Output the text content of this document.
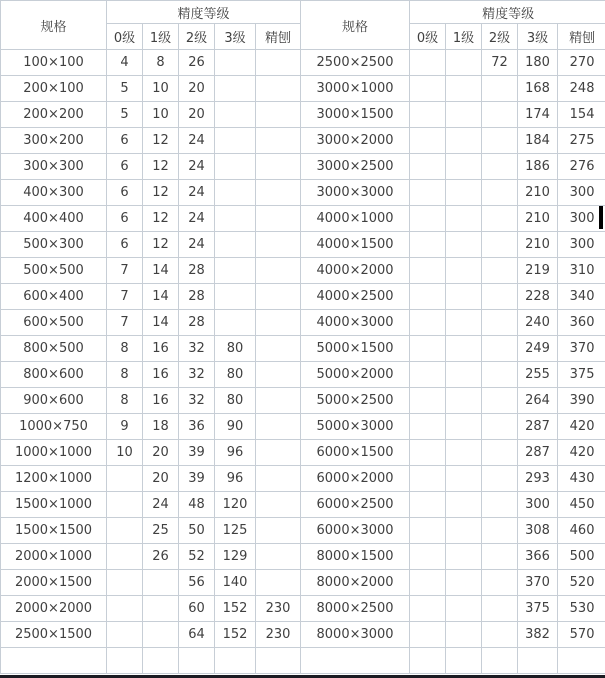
规格	精度等级				
	0级	1级	2级	3级	精刨
100×100	4	8	26		
200×100	5	10	20		
200×200	5	10	20		
300×200	6	12	24		
300×300	6	12	24		
400×300	6	12	24		
400×400	6	12	24		
500×300	6	12	24		
500×500	7	14	28		
600×400	7	14	28		
600×500	7	14	28		
800×500	8	16	32	80	
800×600	8	16	32	80	
900×600	8	16	32	80	
1000×750	9	18	36	90	
1000×1000	10	20	39	96	
1200×1000		20	39	96	
1500×1000		24	48	120	
1500×1500		25	50	125	
2000×1000		26	52	129	
2000×1500			56	140	
2000×2000			60	152	230
2500×1500			64	152	230

规格	精度等级				
	0级	1级	2级	3级	精刨
2500×2500			72	180	270
3000×1000				168	248
3000×1500				174	154
3000×2000				184	275
3000×2500				186	276
3000×3000				210	300
4000×1000				210	300
4000×1500				210	300
4000×2000				219	310
4000×2500				228	340
4000×3000				240	360
5000×1500				249	370
5000×2000				255	375
5000×2500				264	390
5000×3000				287	420
6000×1500				287	420
6000×2000				293	430
6000×2500				300	450
6000×3000				308	460
8000×1500				366	500
8000×2000				370	520
8000×2500				375	530
8000×3000				382	570
